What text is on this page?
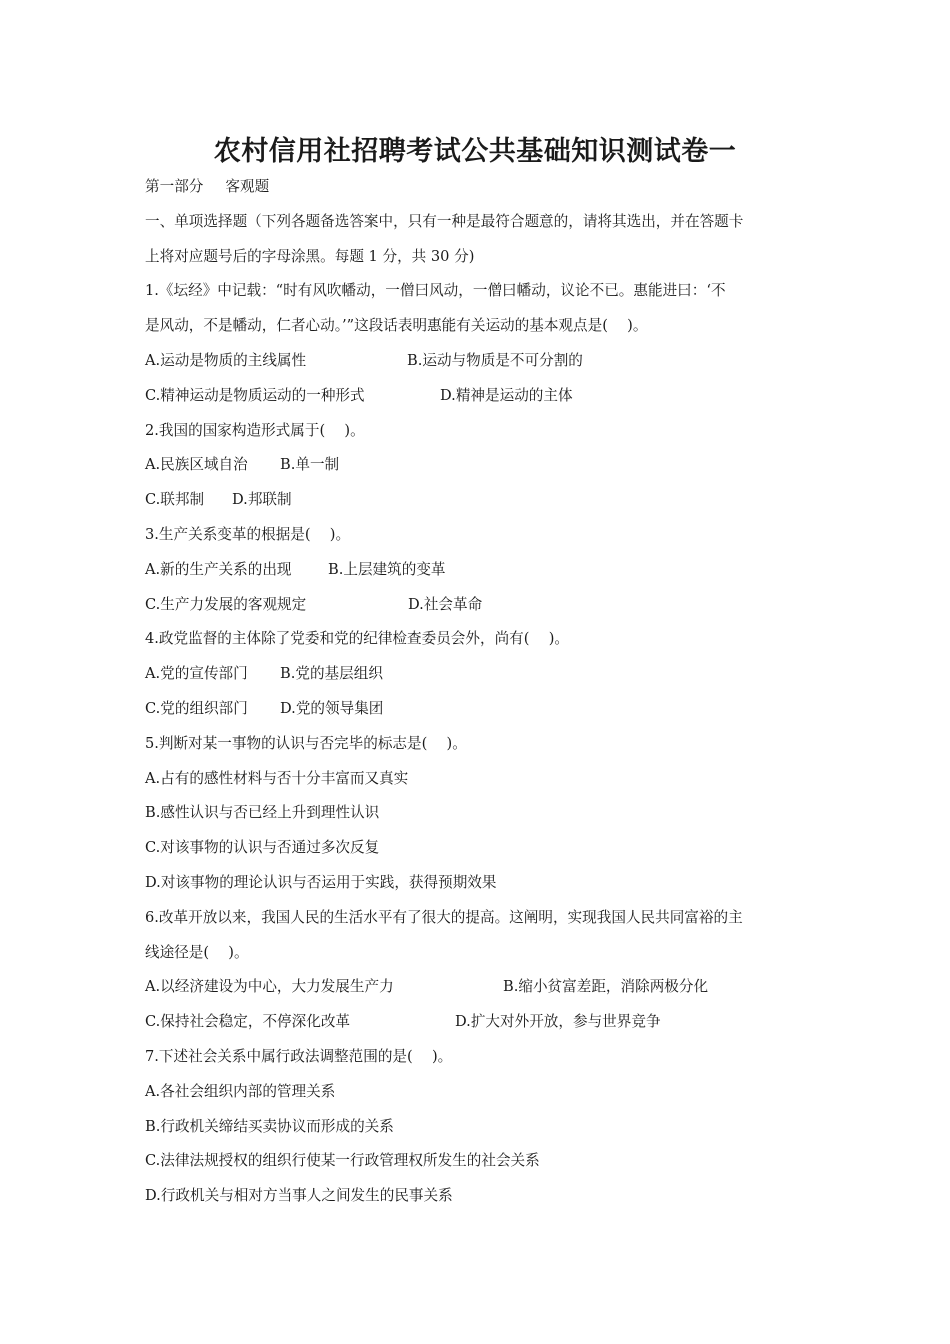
农村信用社招聘考试公共基础知识测试卷一
第一部分 客观题
一、单项选择题（下列各题备选答案中，只有一种是最符合题意的，请将其选出，并在答题卡
上将对应题号后的字母涂黑。每题 1 分，共 30 分)
1.《坛经》中记载：“时有风吹幡动，一僧曰风动，一僧曰幡动，议论不已。惠能进曰：‘不
是风动，不是幡动，仁者心动。’”这段话表明惠能有关运动的基本观点是(　 )。
A.运动是物质的主线属性	B.运动与物质是不可分割的
C.精神运动是物质运动的一种形式	D.精神是运动的主体
2.我国的国家构造形式属于(　 )。
A.民族区域自治 B.单一制
C.联邦制 D.邦联制
3.生产关系变革的根据是(　 )。
A.新的生产关系的出现 B.上层建筑的变革
C.生产力发展的客观规定	D.社会革命
4.政党监督的主体除了党委和党的纪律检查委员会外，尚有(　 )。
A.党的宣传部门 B.党的基层组织
C.党的组织部门 D.党的领导集团
5.判断对某一事物的认识与否完毕的标志是(　 )。
A.占有的感性材料与否十分丰富而又真实
B.感性认识与否已经上升到理性认识
C.对该事物的认识与否通过多次反复
D.对该事物的理论认识与否运用于实践，获得预期效果
6.改革开放以来，我国人民的生活水平有了很大的提高。这阐明，实现我国人民共同富裕的主
线途径是(　 )。
A.以经济建设为中心，大力发展生产力	B.缩小贫富差距，消除两极分化
C.保持社会稳定，不停深化改革	D.扩大对外开放，参与世界竞争
7.下述社会关系中属行政法调整范围的是(　 )。
A.各社会组织内部的管理关系
B.行政机关缔结买卖协议而形成的关系
C.法律法规授权的组织行使某一行政管理权所发生的社会关系
D.行政机关与相对方当事人之间发生的民事关系
